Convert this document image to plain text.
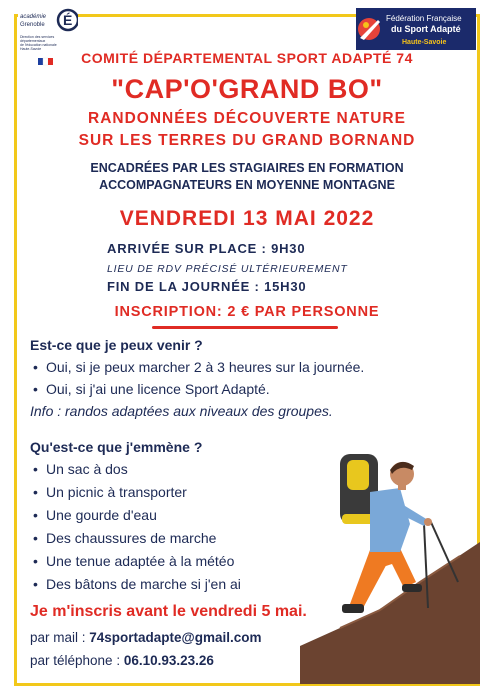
académie
Grenoble É
Direction des services
départementaux
de l'éducation nationale
Haute-Savoie
Fédération Française
du Sport Adapté
Haute-Savoie
COMITÉ DÉPARTEMENTAL SPORT ADAPTÉ 74
"CAP'O'GRAND BO"
RANDONNÉES DÉCOUVERTE NATURE
SUR LES TERRES DU GRAND BORNAND
ENCADRÉES PAR LES STAGIAIRES EN FORMATION
ACCOMPAGNATEURS EN MOYENNE MONTAGNE
VENDREDI 13 MAI 2022
ARRIVÉE SUR PLACE : 9H30
LIEU DE RDV PRÉCISÉ ULTÉRIEUREMENT
FIN DE LA JOURNÉE : 15H30
INSCRIPTION: 2 € PAR PERSONNE
Est-ce que je peux venir ?
• Oui, si je peux marcher 2 à 3 heures sur la journée.
• Oui, si j'ai une licence Sport Adapté.
Info : randos adaptées aux niveaux des groupes.
Qu'est-ce que j'emmène ?
• Un sac à dos
• Un picnic à transporter
• Une gourde d'eau
• Des chaussures de marche
• Une tenue adaptée à la météo
• Des bâtons de marche si j'en ai
Je m'inscris avant le vendredi 5 mai.
par mail : 74sportadapte@gmail.com
par téléphone : 06.10.93.23.26
